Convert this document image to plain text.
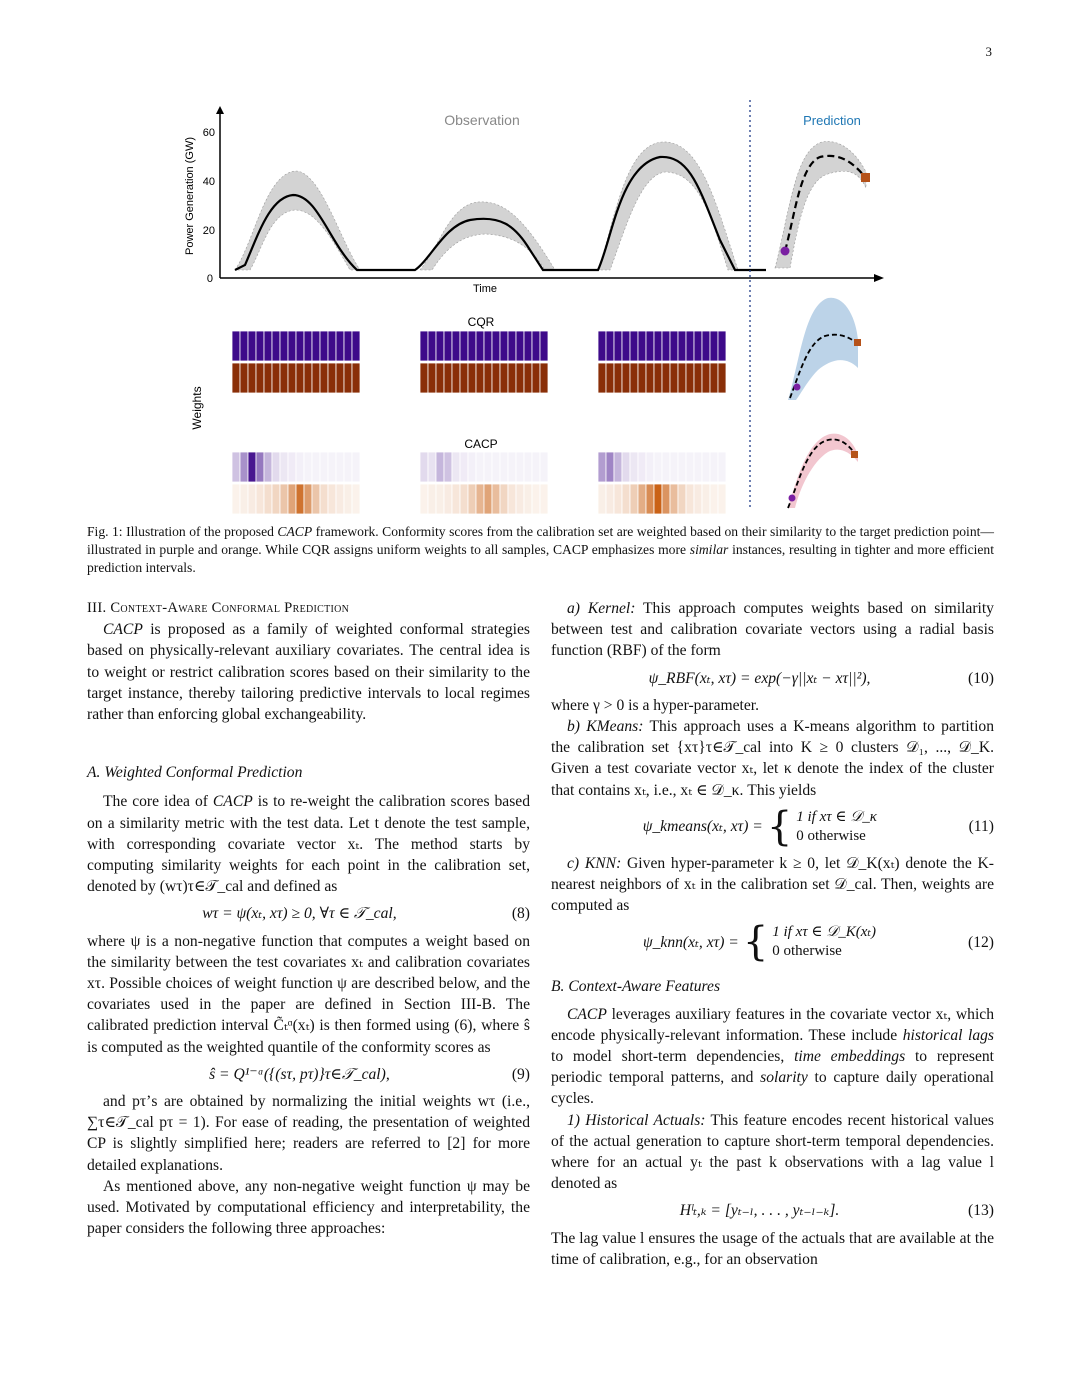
3
Observation	Prediction
Power Generation (GW)
0
20
40
60
Time
Weights
CQR
CACP
Fig. 1: Illustration of the proposed CACP framework. Conformity scores from the calibration set are weighted based on their similarity to the target prediction point—illustrated in purple and orange. While CQR assigns uniform weights to all samples, CACP emphasizes more similar instances, resulting in tighter and more efficient prediction intervals.

III. Context-Aware Conformal Prediction

CACP is proposed as a family of weighted conformal strategies based on physically-relevant auxiliary covariates. The central idea is to weight or restrict calibration scores based on their similarity to the target instance, thereby tailoring predictive intervals to local regimes rather than enforcing global exchangeability.

A. Weighted Conformal Prediction

The core idea of CACP is to re-weight the calibration scores based on a similarity metric with the test data. Let t denote the test sample, with corresponding covariate vector xₜ. The method starts by computing similarity weights for each point in the calibration set, denoted by (wτ)τ∈𝒯_cal and defined as

wτ = ψ(xₜ, xτ) ≥ 0, ∀τ ∈ 𝒯_cal,	(8)

where ψ is a non-negative function that computes a weight based on the similarity between the test covariates xₜ and calibration covariates xτ. Possible choices of weight function ψ are described below, and the covariates used in the paper are defined in Section III-B. The calibrated prediction interval C̃ₜᵅ(xₜ) is then formed using (6), where ŝ is computed as the weighted quantile of the conformity scores as

ŝ = Q¹⁻ᵅ({(sτ, pτ)}τ∈𝒯_cal),	(9)

and pτ’s are obtained by normalizing the initial weights wτ (i.e., ∑τ∈𝒯_cal pτ = 1). For ease of reading, the presentation of weighted CP is slightly simplified here; readers are referred to [2] for more detailed explanations.

As mentioned above, any non-negative weight function ψ may be used. Motivated by computational efficiency and interpretability, the paper considers the following three approaches:

a) Kernel: This approach computes weights based on similarity between test and calibration covariate vectors using a radial basis function (RBF) of the form

ψ_RBF(xₜ, xτ) = exp(−γ||xₜ − xτ||²),	(10)

where γ > 0 is a hyper-parameter.

b) KMeans: This approach uses a K-means algorithm to partition the calibration set {xτ}τ∈𝒯_cal into K ≥ 0 clusters 𝒟₁, ..., 𝒟_K. Given a test covariate vector xₜ, let κ denote the index of the cluster that contains xₜ, i.e., xₜ ∈ 𝒟_κ. This yields

ψ_kmeans(xₜ, xτ) = { 1 if xτ ∈ 𝒟_κ
0 otherwise
(11)

c) KNN: Given hyper-parameter k ≥ 0, let 𝒟_K(xₜ) denote the K-nearest neighbors of xₜ in the calibration set 𝒟_cal. Then, weights are computed as

ψ_knn(xₜ, xτ) = { 1 if xτ ∈ 𝒟_K(xₜ)
0 otherwise
(12)

B. Context-Aware Features

CACP leverages auxiliary features in the covariate vector xₜ, which encode physically-relevant information. These include historical lags to model short-term dependencies, time embeddings to represent periodic temporal patterns, and solarity to capture daily operational cycles.

1) Historical Actuals: This feature encodes recent historical values of the actual generation to capture short-term temporal dependencies. where for an actual yₜ the past k observations with a lag value l denoted as

Hˡₜ,ₖ = [yₜ₋ₗ, . . . , yₜ₋ₗ₋ₖ].	(13)

The lag value l ensures the usage of the actuals that are available at the time of calibration, e.g., for an observation
